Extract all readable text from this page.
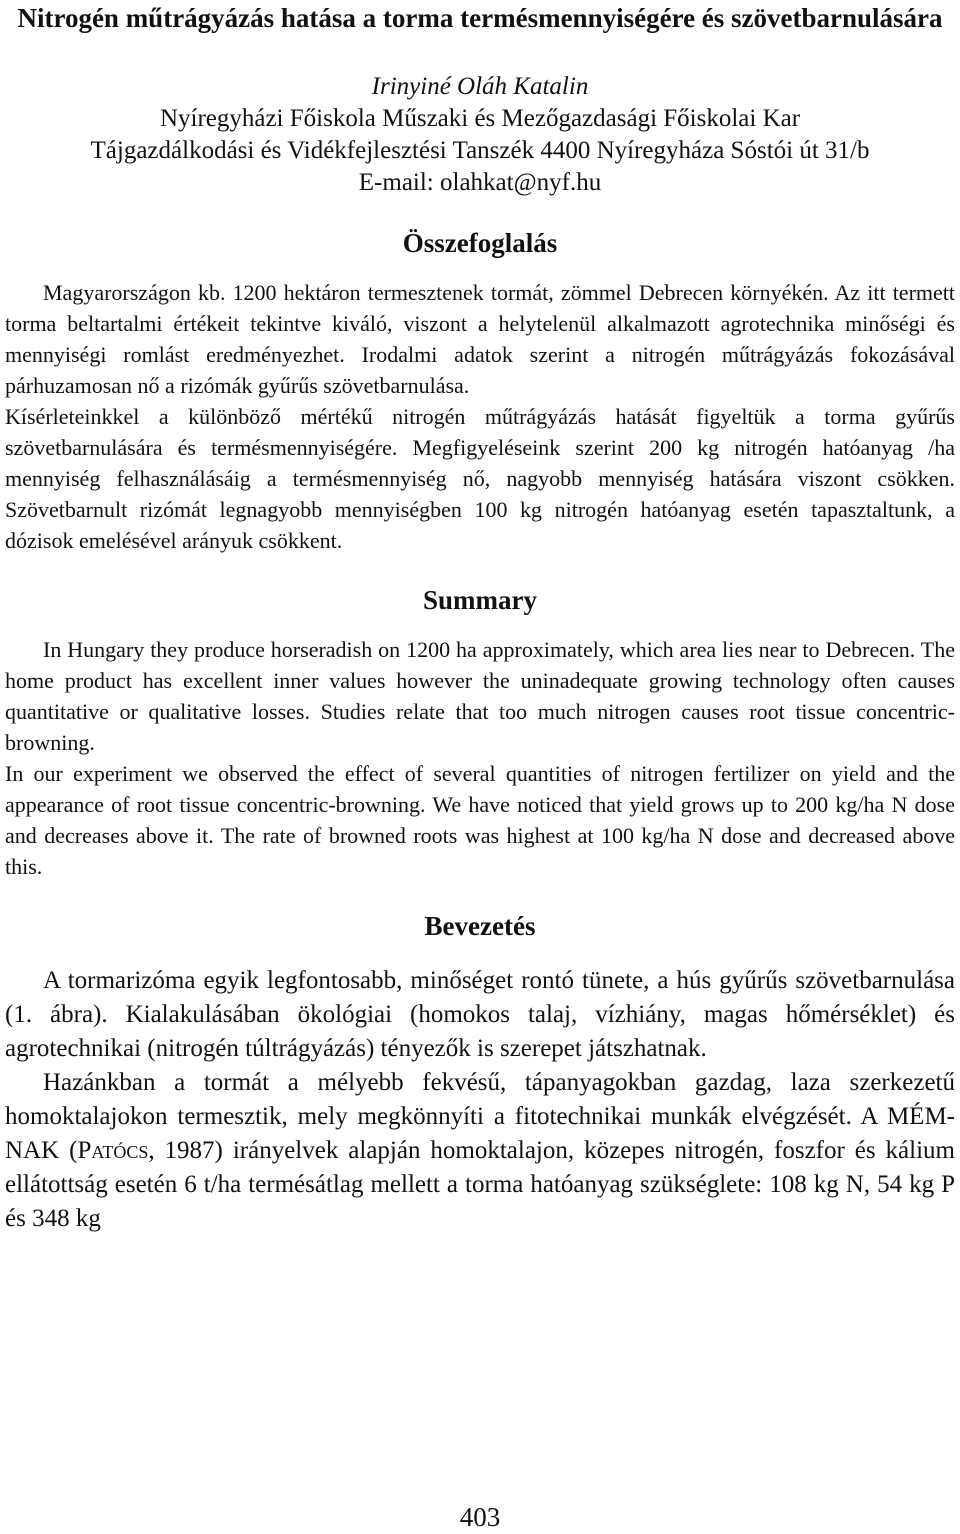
Nitrogén műtrágyázás hatása a torma termésmennyiségére és szövetbarnulására
Irinyiné Oláh Katalin
Nyíregyházi Főiskola Műszaki és Mezőgazdasági Főiskolai Kar
Tájgazdálkodási és Vidékfejlesztési Tanszék 4400 Nyíregyháza Sóstói út 31/b
E-mail: olahkat@nyf.hu
Összefoglalás

Magyarországon kb. 1200 hektáron termesztenek tormát, zömmel Debrecen környékén. Az itt termett torma beltartalmi értékeit tekintve kiváló, viszont a helytelenül alkalmazott agrotechnika minőségi és mennyiségi romlást eredményezhet. Irodalmi adatok szerint a nitrogén műtrágyázás fokozásával párhuzamosan nő a rizómák gyűrűs szövetbarnulása.

Kísérleteinkkel a különböző mértékű nitrogén műtrágyázás hatását figyeltük a torma gyűrűs szövetbarnulására és termésmennyiségére. Megfigyeléseink szerint 200 kg nitrogén hatóanyag /ha mennyiség felhasználásáig a termésmennyiség nő, nagyobb mennyiség hatására viszont csökken. Szövetbarnult rizómát legnagyobb mennyiségben 100 kg nitrogén hatóanyag esetén tapasztaltunk, a dózisok emelésével arányuk csökkent.

Summary

In Hungary they produce horseradish on 1200 ha approximately, which area lies near to Debrecen. The home product has excellent inner values however the uninadequate growing technology often causes quantitative or qualitative losses. Studies relate that too much nitrogen causes root tissue concentric-browning.

In our experiment we observed the effect of several quantities of nitrogen fertilizer on yield and the appearance of root tissue concentric-browning. We have noticed that yield grows up to 200 kg/ha N dose and decreases above it. The rate of browned roots was highest at 100 kg/ha N dose and decreased above this.

Bevezetés

A tormarizóma egyik legfontosabb, minőséget rontó tünete, a hús gyűrűs szövetbarnulása (1. ábra). Kialakulásában ökológiai (homokos talaj, vízhiány, magas hőmérséklet) és agrotechnikai (nitrogén túltrágyázás) tényezők is szerepet játszhatnak.

Hazánkban a tormát a mélyebb fekvésű, tápanyagokban gazdag, laza szerkezetű homoktalajokon termesztik, mely megkönnyíti a fitotechnikai munkák elvégzését. A MÉM-NAK (Patócs, 1987) irányelvek alapján homoktalajon, közepes nitrogén, foszfor és kálium ellátottság esetén 6 t/ha termésátlag mellett a torma hatóanyag szükséglete: 108 kg N, 54 kg P és 348 kg

403
